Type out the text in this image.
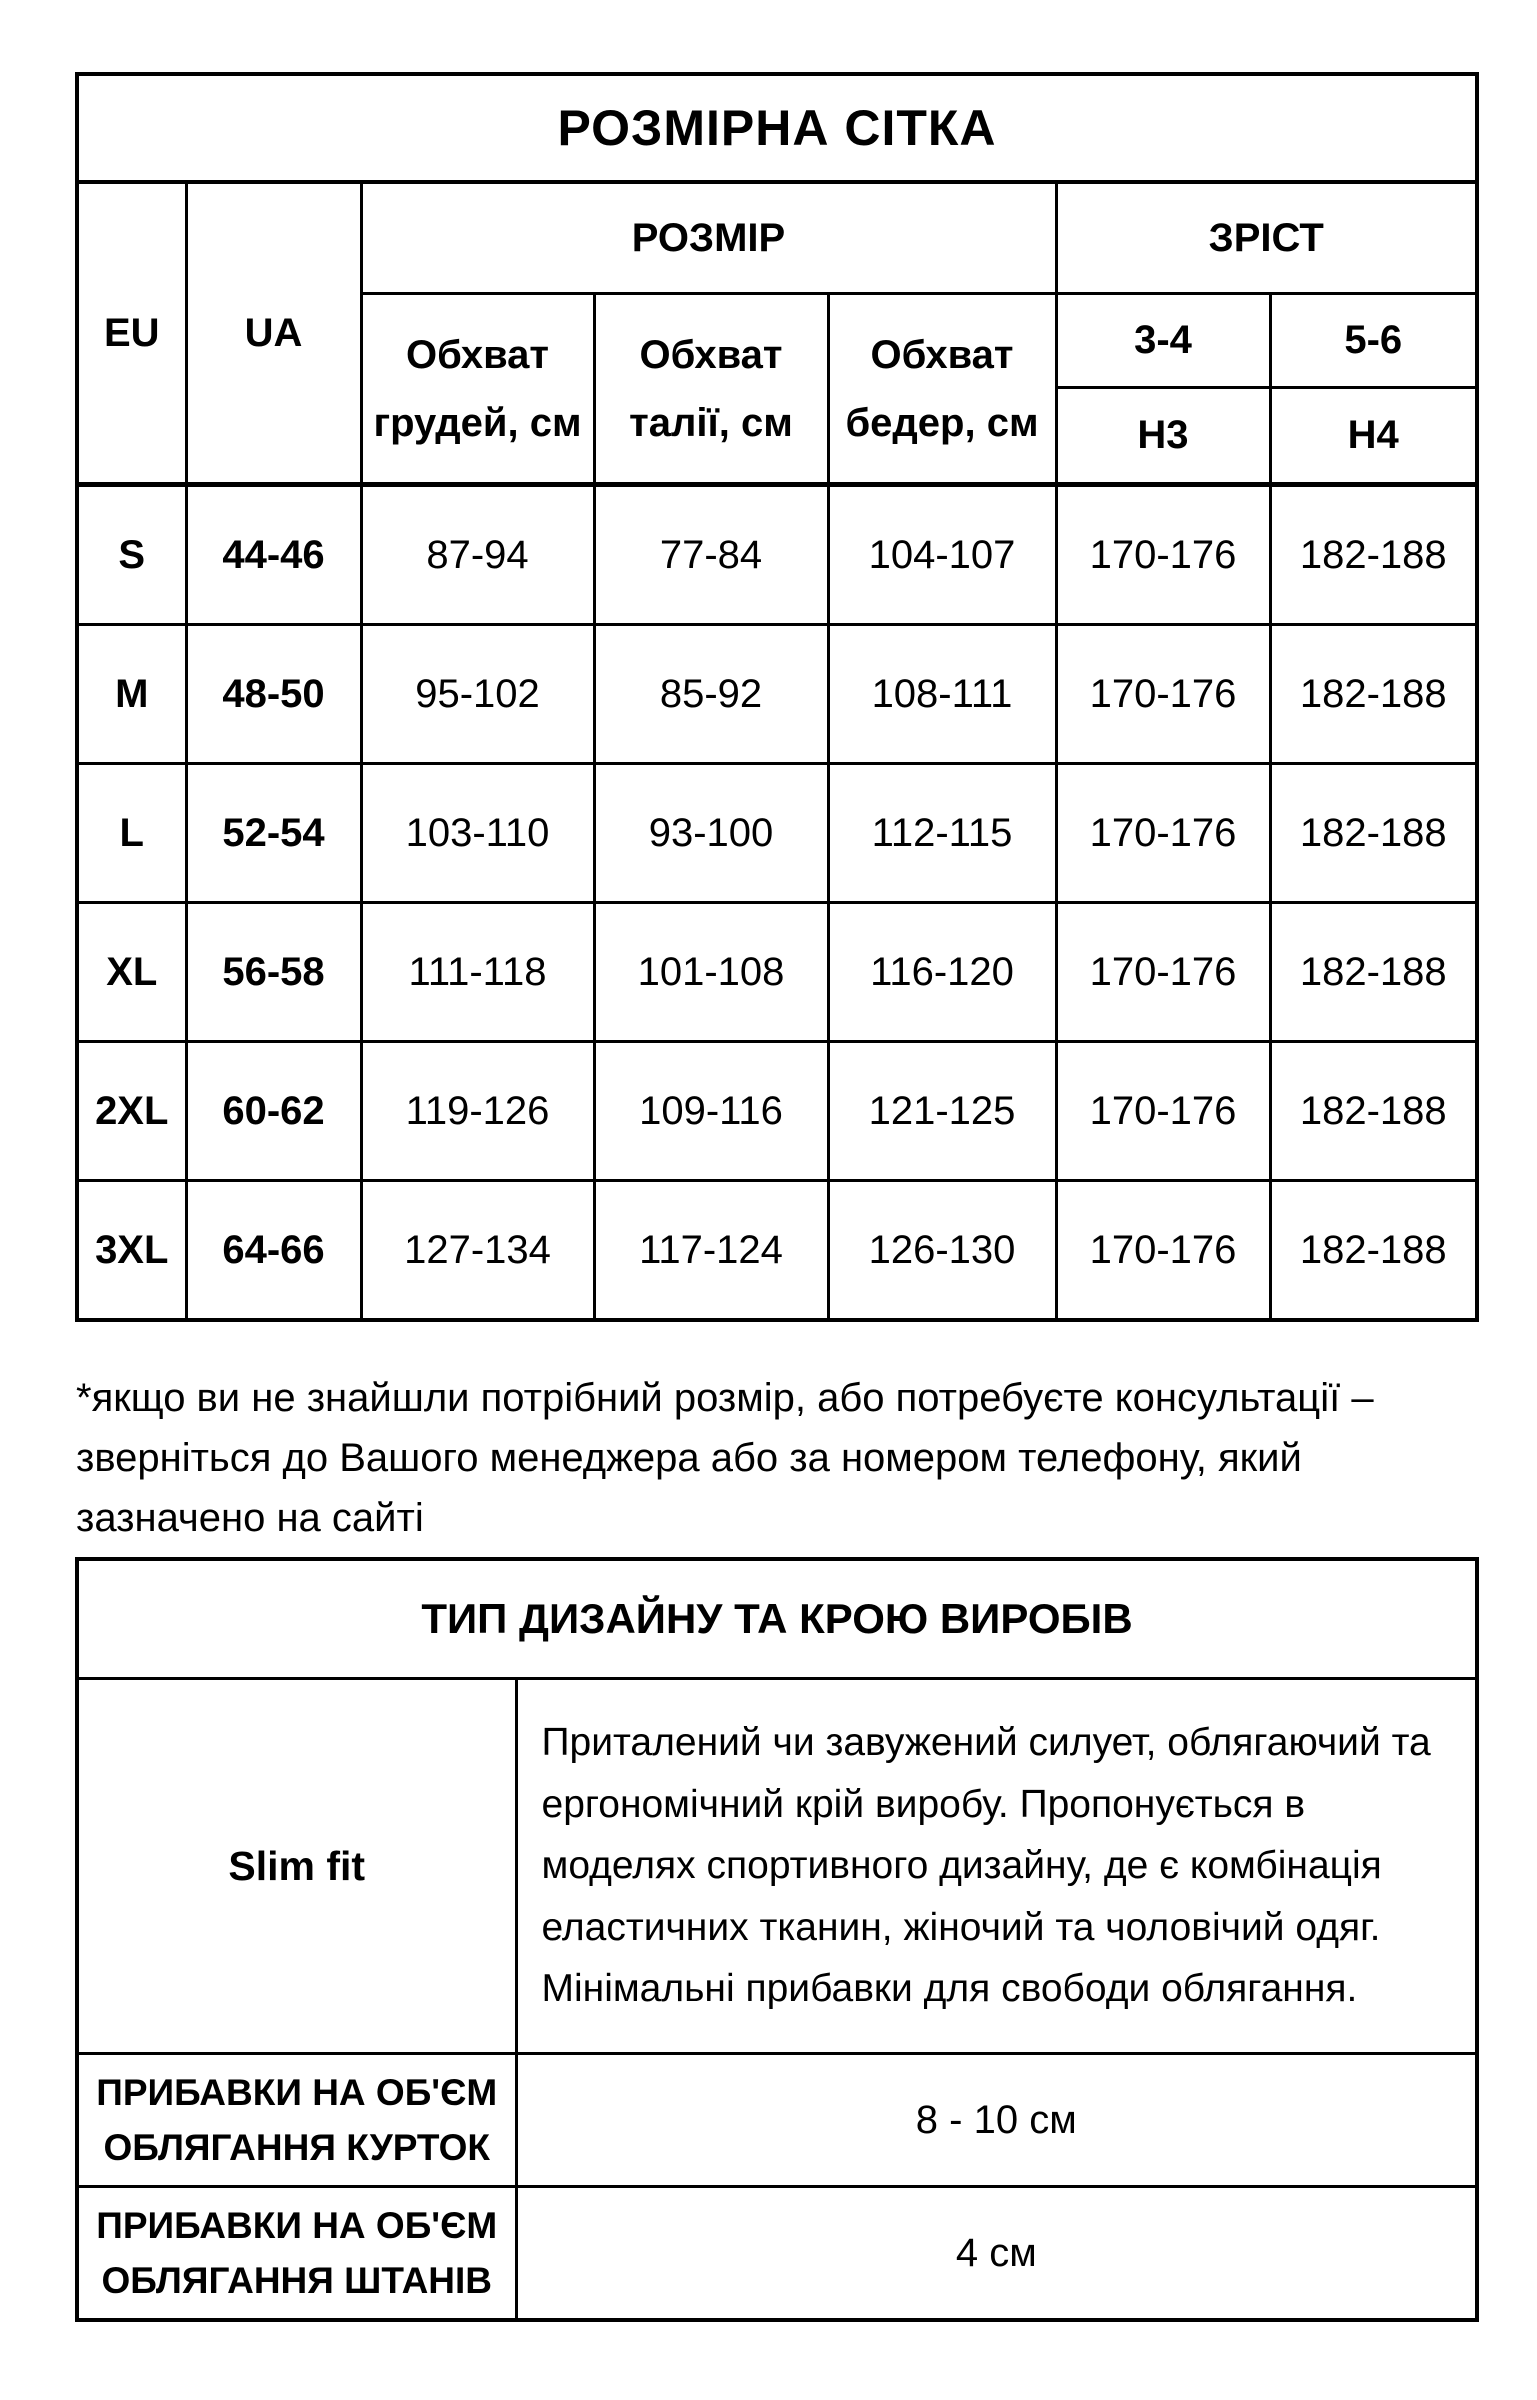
РОЗМІРНА СІТКА						
EU	UA	РОЗМІР			ЗРІСТ	
		Обхват грудей, см	Обхват талії, см	Обхват бедер, см	3-4	5-6
					Н3	Н4
S	44-46	87-94	77-84	104-107	170-176	182-188
M	48-50	95-102	85-92	108-111	170-176	182-188
L	52-54	103-110	93-100	112-115	170-176	182-188
XL	56-58	111-118	101-108	116-120	170-176	182-188
2XL	60-62	119-126	109-116	121-125	170-176	182-188
3XL	64-66	127-134	117-124	126-130	170-176	182-188

*якщо ви не знайшли потрібний розмір, або потребуєте консультації – зверніться до Вашого менеджера або за номером телефону, який зазначено на сайті

ТИП ДИЗАЙНУ ТА КРОЮ ВИРОБІВ	
Slim fit	Приталений чи завужений силует, облягаючий та ергономічний крій виробу. Пропонується в моделях спортивного дизайну, де є комбінація еластичних тканин, жіночий та чоловічий одяг. Мінімальні прибавки для свободи облягання.
ПРИБАВКИ НА ОБ'ЄМ ОБЛЯГАННЯ КУРТОК	8 - 10 см
ПРИБАВКИ НА ОБ'ЄМ ОБЛЯГАННЯ ШТАНІВ	4 см
